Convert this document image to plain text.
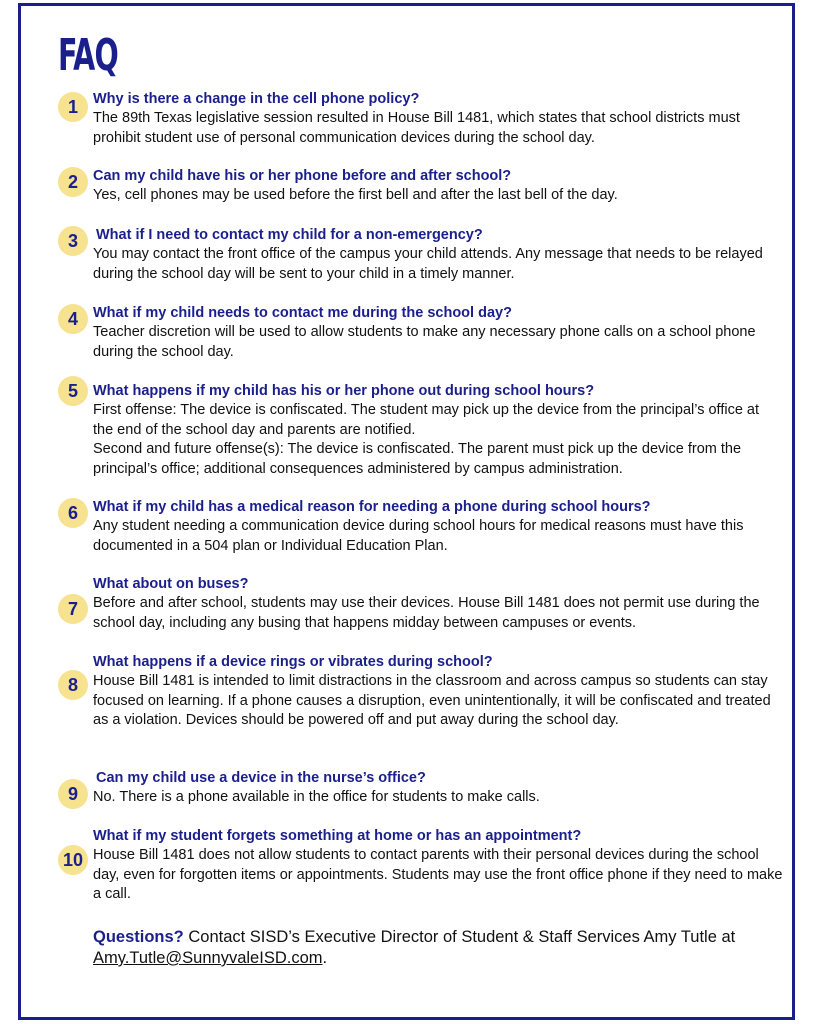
FAQ
1	Why is there a change in the cell phone policy?

The 89th Texas legislative session resulted in House Bill 1481, which states that school districts must prohibit student use of personal communication devices during the school day.

2	Can my child have his or her phone before and after school?

Yes, cell phones may be used before the first bell and after the last bell of the day.

3	What if I need to contact my child for a non-emergency?

You may contact the front office of the campus your child attends. Any message that needs to be relayed during the school day will be sent to your child in a timely manner.

4	What if my child needs to contact me during the school day?

Teacher discretion will be used to allow students to make any necessary phone calls on a school phone during the school day.

5	What happens if my child has his or her phone out during school hours?

First offense: The device is confiscated. The student may pick up the device from the principal’s office at the end of the school day and parents are notified.

Second and future offense(s): The device is confiscated. The parent must pick up the device from the principal’s office; additional consequences administered by campus administration.

6	What if my child has a medical reason for needing a phone during school hours?

Any student needing a communication device during school hours for medical reasons must have this documented in a 504 plan or Individual Education Plan.

7

What about on buses?

Before and after school, students may use their devices. House Bill 1481 does not permit use during the school day, including any busing that happens midday between campuses or events.

8

What happens if a device rings or vibrates during school?

House Bill 1481 is intended to limit distractions in the classroom and across campus so students can stay focused on learning. If a phone causes a disruption, even unintentionally, it will be confiscated and treated as a violation. Devices should be powered off and put away during the school day.

9

Can my child use a device in the nurse’s office?

No. There is a phone available in the office for students to make calls.

10

What if my student forgets something at home or has an appointment?

House Bill 1481 does not allow students to contact parents with their personal devices during the school day, even for forgotten items or appointments. Students may use the front office phone if they need to make a call.

Questions? Contact SISD’s Executive Director of Student & Staff Services Amy Tutle at Amy.Tutle@SunnyvaleISD.com.
